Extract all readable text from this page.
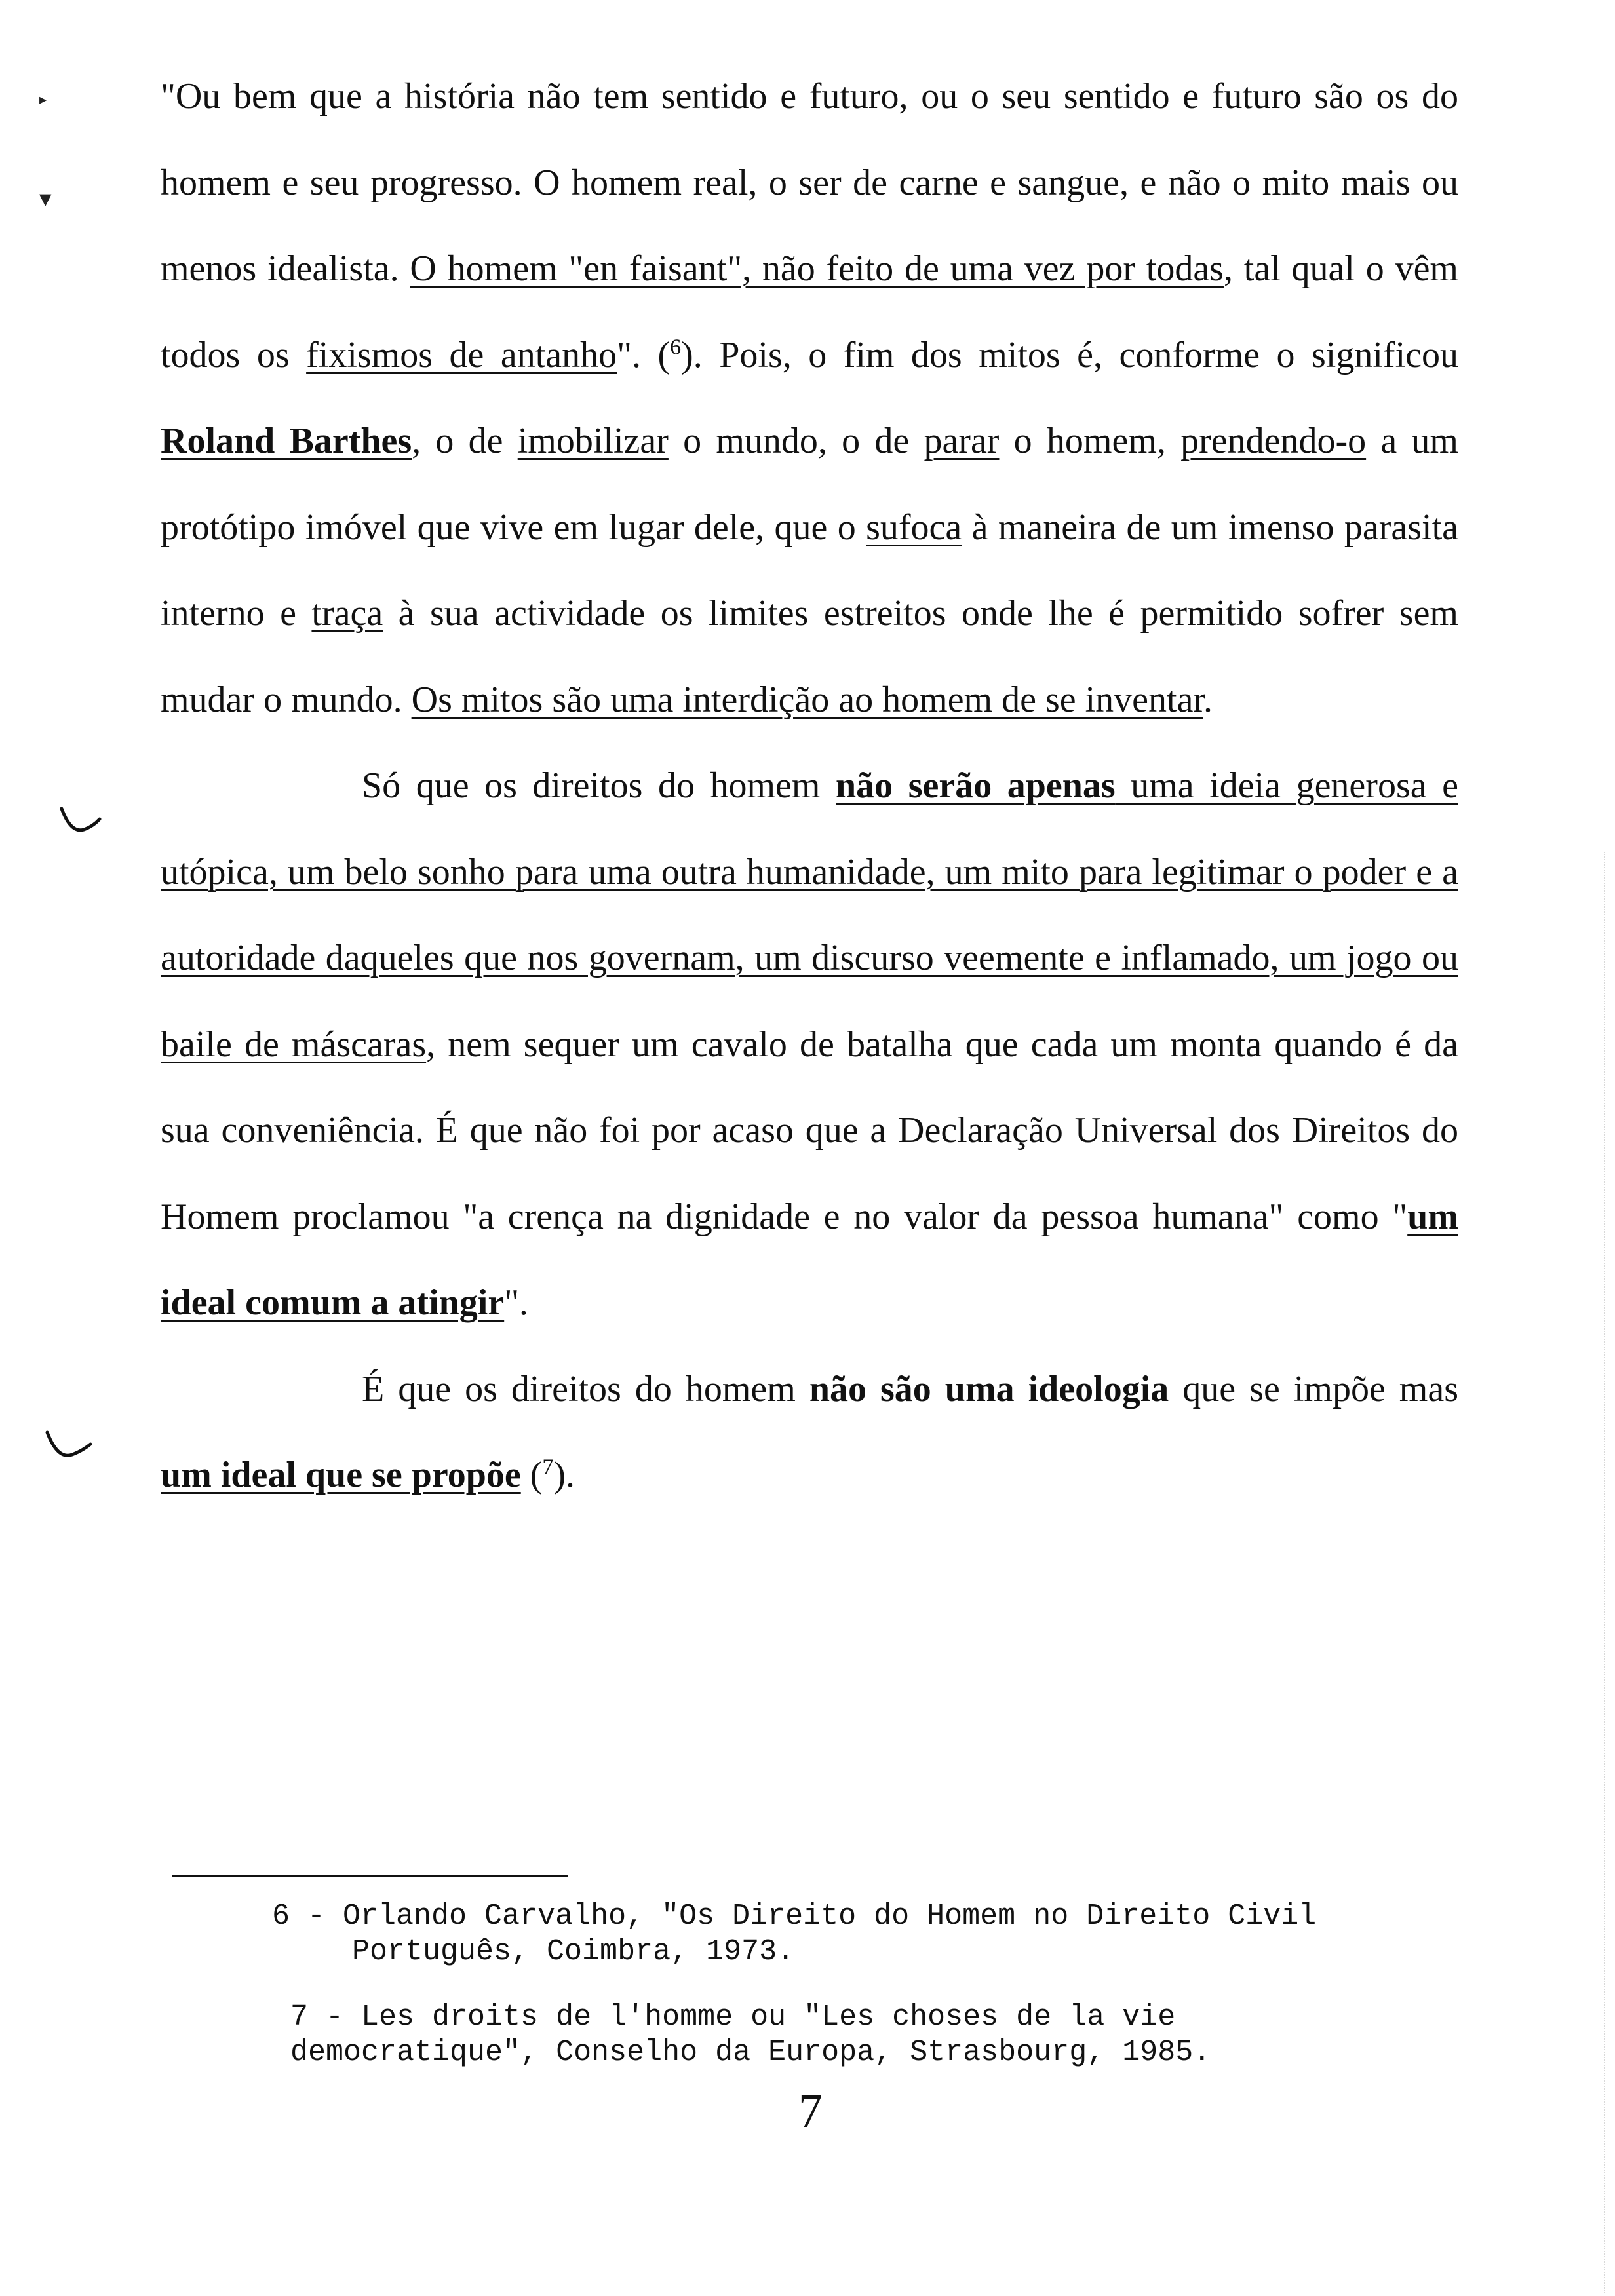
▸
▼

"Ou bem que a história não tem sentido e futuro, ou o seu sentido e futuro são os do homem e seu progresso. O homem real, o ser de carne e sangue, e não o mito mais ou menos idealista. O homem "en faisant", não feito de uma vez por todas, tal qual o vêm todos os fixismos de antanho". ($^6$). Pois, o fim dos mitos é, conforme o significou Roland Barthes, o de imobilizar o mundo, o de parar o homem, prendendo-o a um protótipo imóvel que vive em lugar dele, que o sufoca à maneira de um imenso parasita interno e traça à sua actividade os limites estreitos onde lhe é permitido sofrer sem mudar o mundo. Os mitos são uma interdição ao homem de se inventar.

Só que os direitos do homem não serão apenas uma ideia generosa e utópica, um belo sonho para uma outra humanidade, um mito para legitimar o poder e a autoridade daqueles que nos governam, um discurso veemente e inflamado, um jogo ou baile de máscaras, nem sequer um cavalo de batalha que cada um monta quando é da sua conveniência. É que não foi por acaso que a Declaração Universal dos Direitos do Homem proclamou "a crença na dignidade e no valor da pessoa humana" como "um ideal comum a atingir".

É que os direitos do homem não são uma ideologia que se impõe mas um ideal que se propõe ($^7$).

6 - Orlando Carvalho, "Os Direito do Homem no Direito Civil
Português, Coimbra, 1973.
7 - Les droits de l'homme ou "Les choses de la vie
democratique", Conselho da Europa, Strasbourg, 1985.
7
